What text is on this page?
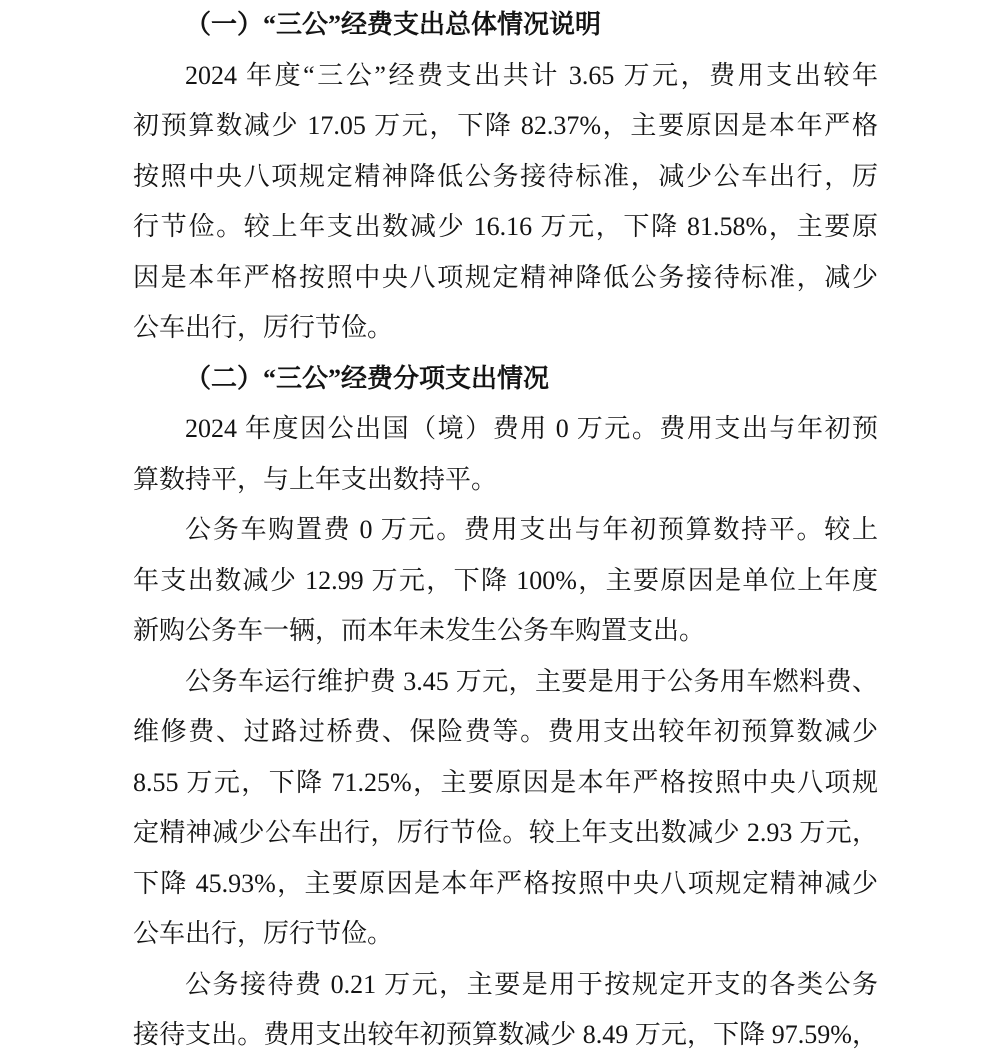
（一）“三公”经费支出总体情况说明
2024 年度“三公”经费支出共计 3.65 万元，费用支出较年
初预算数减少 17.05 万元，下降 82.37%，主要原因是本年严格
按照中央八项规定精神降低公务接待标准，减少公车出行，厉
行节俭。较上年支出数减少 16.16 万元，下降 81.58%，主要原
因是本年严格按照中央八项规定精神降低公务接待标准，减少
公车出行，厉行节俭。
（二）“三公”经费分项支出情况
2024 年度因公出国（境）费用 0 万元。费用支出与年初预
算数持平，与上年支出数持平。
公务车购置费 0 万元。费用支出与年初预算数持平。较上
年支出数减少 12.99 万元，下降 100%，主要原因是单位上年度
新购公务车一辆，而本年未发生公务车购置支出。
公务车运行维护费 3.45 万元，主要是用于公务用车燃料费、
维修费、过路过桥费、保险费等。费用支出较年初预算数减少
8.55 万元，下降 71.25%，主要原因是本年严格按照中央八项规
定精神减少公车出行，厉行节俭。较上年支出数减少 2.93 万元，
下降 45.93%，主要原因是本年严格按照中央八项规定精神减少
公车出行，厉行节俭。
公务接待费 0.21 万元，主要是用于按规定开支的各类公务
接待支出。费用支出较年初预算数减少 8.49 万元，下降 97.59%，
